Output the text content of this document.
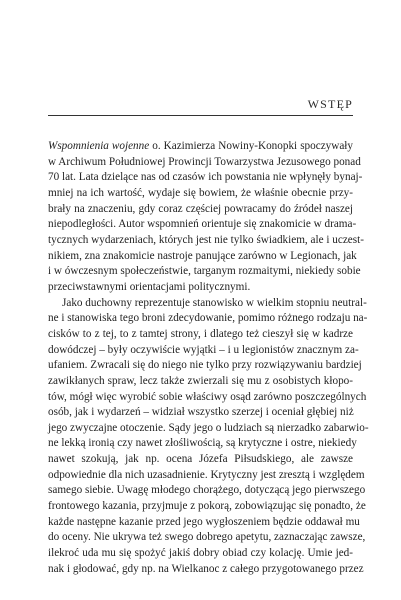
WSTĘP

Wspomnienia wojenne o. Kazimierza Nowiny-Konopki spoczywały
w Archiwum Południowej Prowincji Towarzystwa Jezusowego ponad
70 lat. Lata dzielące nas od czasów ich powstania nie wpłynęły bynaj-
mniej na ich wartość, wydaje się bowiem, że właśnie obecnie przy-
brały na znaczeniu, gdy coraz częściej powracamy do źródeł naszej
niepodległości. Autor wspomnień orientuje się znakomicie w drama-
tycznych wydarzeniach, których jest nie tylko świadkiem, ale i uczest-
nikiem, zna znakomicie nastroje panujące zarówno w Legionach, jak
i w ówczesnym społeczeństwie, targanym rozmaitymi, niekiedy sobie
przeciwstawnymi orientacjami politycznymi.

Jako duchowny reprezentuje stanowisko w wielkim stopniu neutral-
ne i stanowiska tego broni zdecydowanie, pomimo różnego rodzaju na-
cisków to z tej, to z tamtej strony, i dlatego też cieszył się w kadrze
dowódczej – były oczywiście wyjątki – i u legionistów znacznym za-
ufaniem. Zwracali się do niego nie tylko przy rozwiązywaniu bardziej
zawikłanych spraw, lecz także zwierzali się mu z osobistych kłopo-
tów, mógł więc wyrobić sobie właściwy osąd zarówno poszczególnych
osób, jak i wydarzeń – widział wszystko szerzej i oceniał głębiej niż
jego zwyczajne otoczenie. Sądy jego o ludziach są nierzadko zabarwio-
ne lekką ironią czy nawet złośliwością, są krytyczne i ostre, niekiedy
nawet szokują, jak np. ocena Józefa Piłsudskiego, ale zawsze
odpowiednie dla nich uzasadnienie. Krytyczny jest zresztą i względem
samego siebie. Uwagę młodego chorążego, dotyczącą jego pierwszego
frontowego kazania, przyjmuje z pokorą, zobowiązując się ponadto, że
każde następne kazanie przed jego wygłoszeniem będzie oddawał mu
do oceny. Nie ukrywa też swego dobrego apetytu, zaznaczając zawsze,
ilekroć uda mu się spożyć jakiś dobry obiad czy kolację. Umie jed-
nak i głodować, gdy np. na Wielkanoc z całego przygotowanego przez
